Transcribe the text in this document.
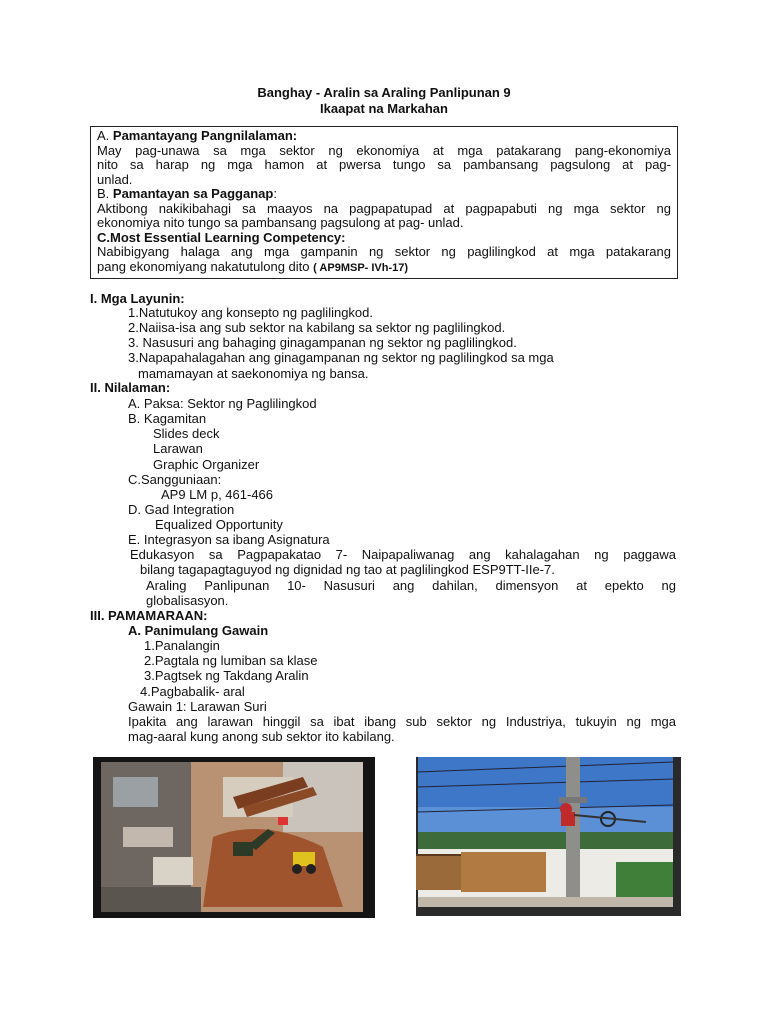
Banghay - Aralin sa Araling Panlipunan 9
Ikaapat na Markahan

A. Pamantayang Pangnilalaman:

May pag-unawa sa mga sektor ng ekonomiya at mga patakarang pang-ekonomiya

nito sa harap ng mga hamon at pwersa tungo sa pambansang pagsulong at pag-

unlad.

B. Pamantayan sa Pagganap:

Aktibong nakikibahagi sa maayos na pagpapatupad at pagpapabuti ng mga sektor ng

ekonomiya nito tungo sa pambansang pagsulong at pag- unlad.

C.Most Essential Learning Competency:

Nabibigyang halaga ang mga gampanin ng sektor ng paglilingkod at mga patakarang

pang ekonomiyang nakatutulong dito ( AP9MSP- IVh-17)

I. Mga Layunin:
1.Natutukoy ang konsepto ng paglilingkod.
2.Naiisa-isa ang sub sektor na kabilang sa sektor ng paglilingkod.
3. Nasusuri ang bahaging ginagampanan ng sektor ng paglilingkod.
3.Napapahalagahan ang ginagampanan ng sektor ng paglilingkod sa mga
mamamayan at saekonomiya ng bansa.
II. Nilalaman:
A. Paksa: Sektor ng Paglilingkod
B. Kagamitan
Slides deck
Larawan
Graphic Organizer
C.Sangguniaan:
AP9 LM p, 461-466
D. Gad Integration
Equalized Opportunity
E. Integrasyon sa ibang Asignatura
Edukasyon sa Pagpapakatao 7- Naipapaliwanag ang kahalagahan ng paggawa
bilang tagapagtaguyod ng dignidad ng tao at paglilingkod ESP9TT-IIe-7.
Araling Panlipunan 10- Nasusuri ang dahilan, dimensyon at epekto ng
globalisasyon.
III. PAMAMARAAN:
A. Panimulang Gawain
1.Panalangin
2.Pagtala ng lumiban sa klase
3.Pagtsek ng Takdang Aralin
4.Pagbabalik- aral
Gawain 1: Larawan Suri
Ipakita ang larawan hinggil sa ibat ibang sub sektor ng Industriya, tukuyin ng mga
mag-aaral kung anong sub sektor ito kabilang.
